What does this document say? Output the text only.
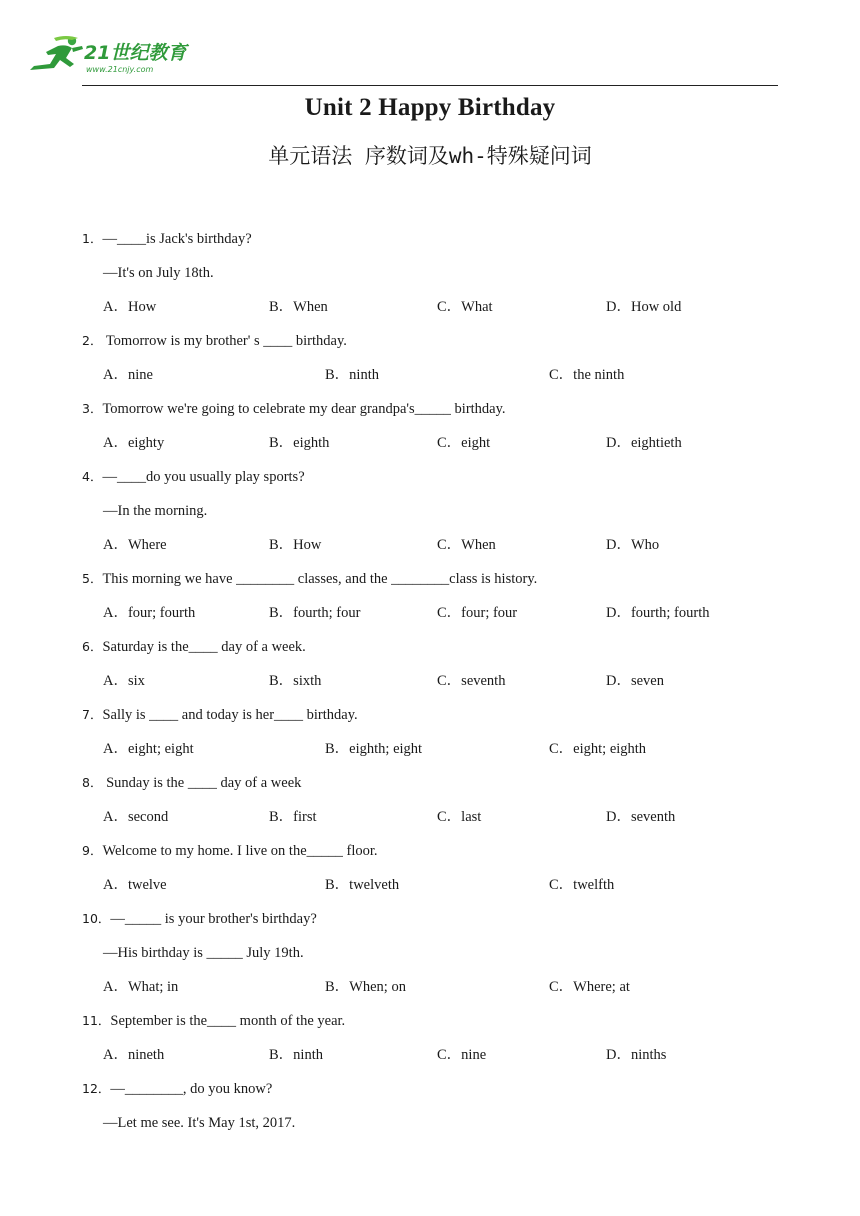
21世纪教育
www.21cnjy.com
Unit 2 Happy Birthday
单元语法 序数词及wh-特殊疑问词
1．—____is Jack's birthday?
—It's on July 18th.
A．How	B．When	C．What	D．How old
2． Tomorrow is my brother' s ____ birthday.
A．nine	B．ninth	C．the ninth
3．Tomorrow we're going to celebrate my dear grandpa's_____ birthday.
A．eighty	B．eighth	C．eight	D．eightieth
4．—____do you usually play sports?
—In the morning.
A．Where	B．How	C．When	D．Who
5．This morning we have ________ classes, and the ________class is history.
A．four; fourth	B．fourth; four	C．four; four	D．fourth; fourth
6．Saturday is the____ day of a week.
A．six	B．sixth	C．seventh	D．seven
7．Sally is ____ and today is her____ birthday.
A．eight; eight	B．eighth; eight	C．eight; eighth
8． Sunday is the ____ day of a week
A．second	B．first	C．last	D．seventh
9．Welcome to my home. I live on the_____ floor.
A．twelve	B．twelveth	C．twelfth
10．—_____ is your brother's birthday?
—His birthday is _____ July 19th.
A．What; in	B．When; on	C．Where; at
11．September is the____ month of the year.
A．nineth	B．ninth	C．nine	D．ninths
12．—________, do you know?
—Let me see. It's May 1st, 2017.
